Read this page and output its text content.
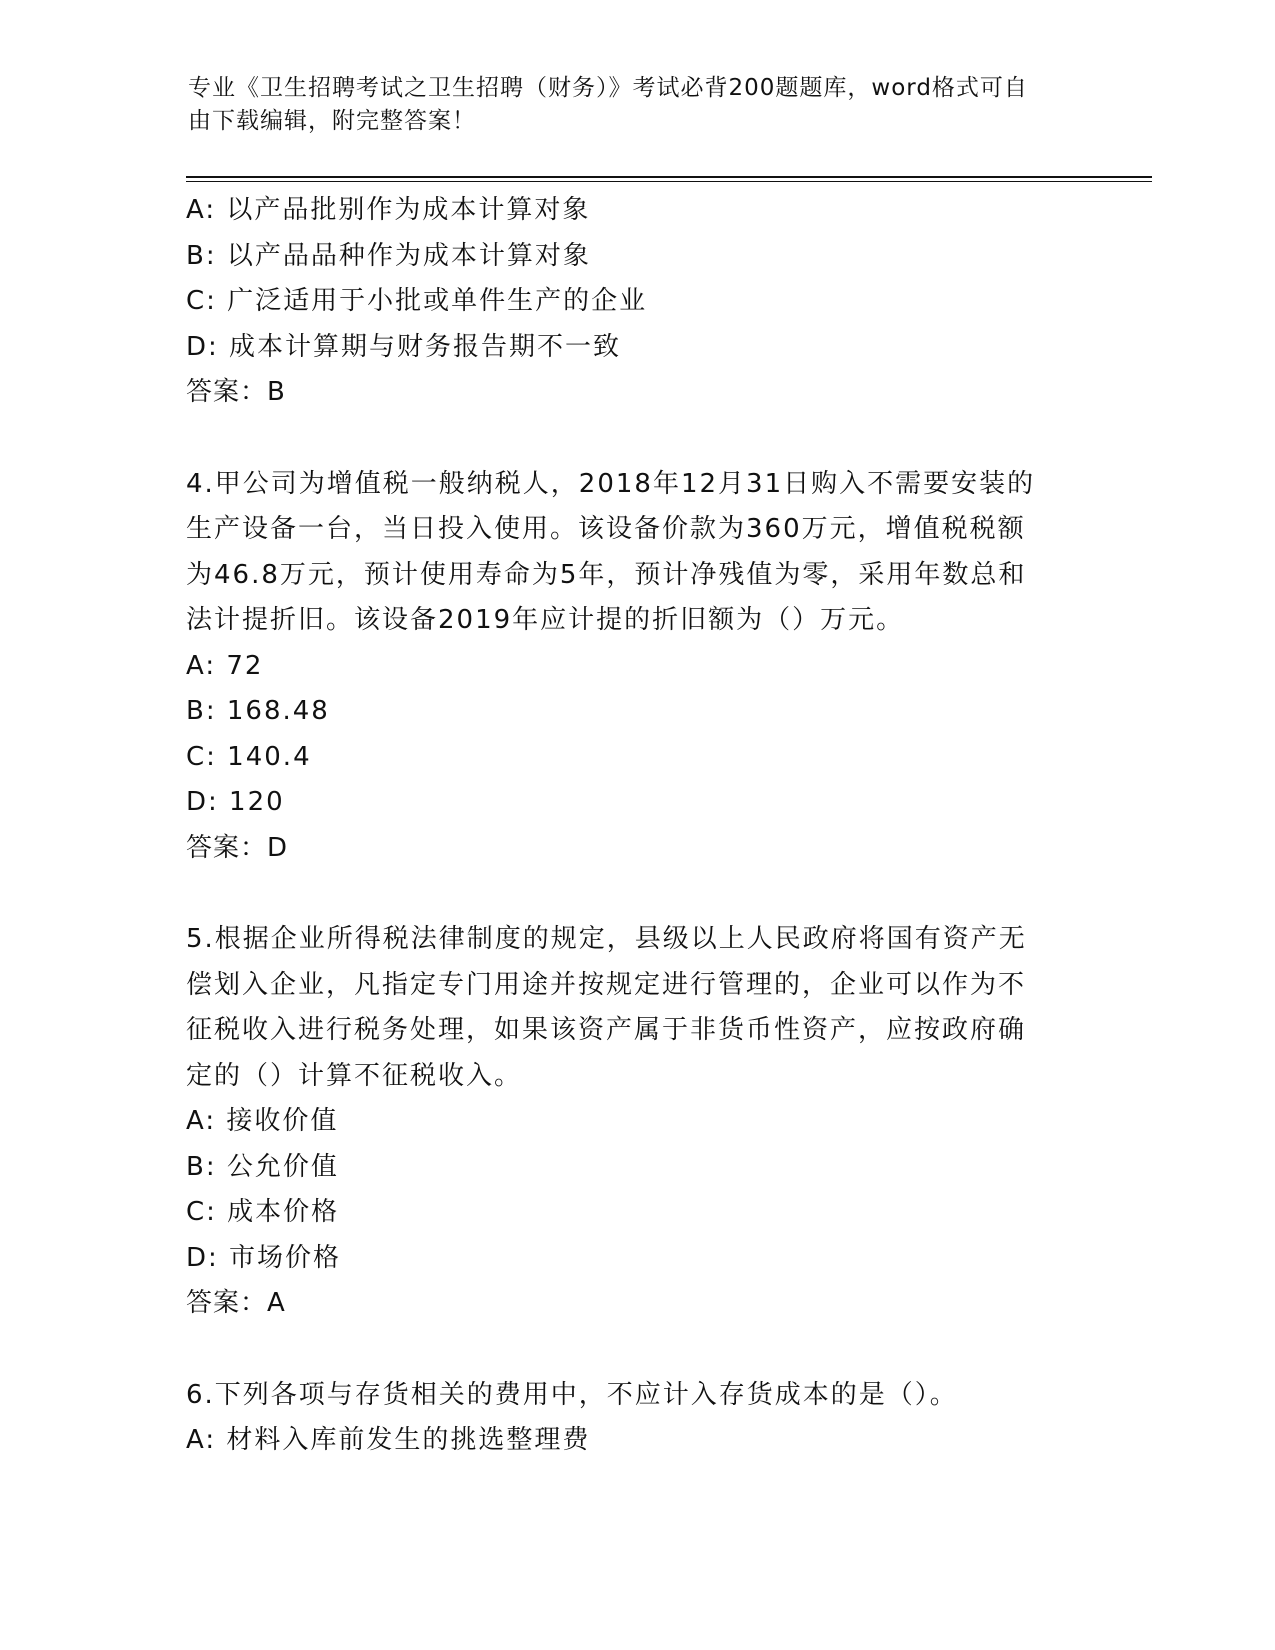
专业《卫生招聘考试之卫生招聘（财务）》考试必背200题题库，word格式可自
由下载编辑，附完整答案！
A: 以产品批别作为成本计算对象
B: 以产品品种作为成本计算对象
C: 广泛适用于小批或单件生产的企业
D: 成本计算期与财务报告期不一致
答案：B
4.甲公司为增值税一般纳税人，2018年12月31日购入不需要安装的
生产设备一台，当日投入使用。该设备价款为360万元，增值税税额
为46.8万元，预计使用寿命为5年，预计净残值为零，采用年数总和
法计提折旧。该设备2019年应计提的折旧额为（）万元。
A: 72
B: 168.48
C: 140.4
D: 120
答案：D
5.根据企业所得税法律制度的规定，县级以上人民政府将国有资产无
偿划入企业，凡指定专门用途并按规定进行管理的，企业可以作为不
征税收入进行税务处理，如果该资产属于非货币性资产，应按政府确
定的（）计算不征税收入。
A: 接收价值
B: 公允价值
C: 成本价格
D: 市场价格
答案：A
6.下列各项与存货相关的费用中，不应计入存货成本的是（）。
A: 材料入库前发生的挑选整理费
